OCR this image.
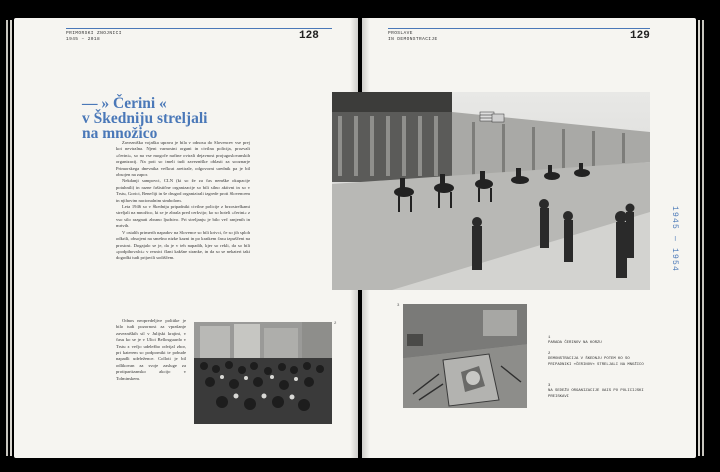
PRIMORSKI ZNOJNICI
1945 – 2018	128
— » Čerini «
v Škedniju streljali
na množico

Zavezniška vojaška uprava je bila v odnosu do Slovencev vse prej kot nevtralna. Njeni varnostni organi in civilna policija, prozvali »čerini«, so na vse mogoče načine ovirali dejavnost projugoslovanskih organizacij. Na poti so imeli tudi zavezniške oblasti za sooznarje Primorskega dnevnika večkrat aretirale, odgovorni urednik pa je bil obsojen na zapor.

Nekdanji sampovci, CLN (ki so že za čas nemške okupacije potuhnili) in razne fašistične organizacije so bili silno aktivni in so v Trstu, Gorici, Benečiji in še drugod organizirali izgrede proti Slovencem in njihovim nacionalnim simbolom.

Leta 1946 so v Škedniju pripadniki civilne policije z brzostrelkami streljali na množico, ki se je zbrala pred cerkvijo; ko so hoteli »čerini« z vso silo razgnati zbrano ljudstvo. Pri streljanju je bilo več ranjenih in mrtvih.

V ostalih primerih napadov na Slovence so bili krivci, če so jih sploh odkrili, obsojeni na smešno nizke kazni in po kratkem času izpuščeni na prostost. Dogajalo se je, da je v teh napadih, kjer so rekli, da so bili »podpihovalci« v resnici člani kakšne stranke, in da so se nekateri taki dogodki tudi prijavili sodiščem.

Odnos neopredeljive politike je bilo tudi pozornost za vprašanje zavezniških sil v Julijski krajini, v času ko se je v Ulici Bellosguardo v Trstu z večjo udeležbo odvijal zbor, pri katerem so podporniki te pobude napadli udeležence. Colloti je bil odlikovan za svoje zasluge za protipartizansko akcijo v Tolminskem.

2
PROSLAVE
IN DEMONSTRACIJE	129
3
1945 — 1954
1
PARADA ČERINOV NA KORZU
2
DEMONSTRACIJA V ŠKEDNJU POTEM KO SO PRIPADNIKI »ČERINOV« STRELJALI NA MNOŽICO
3
NA SEDEŽU ORGANIZACIJE UAIS PO POLICIJSKI PREISKAVI
